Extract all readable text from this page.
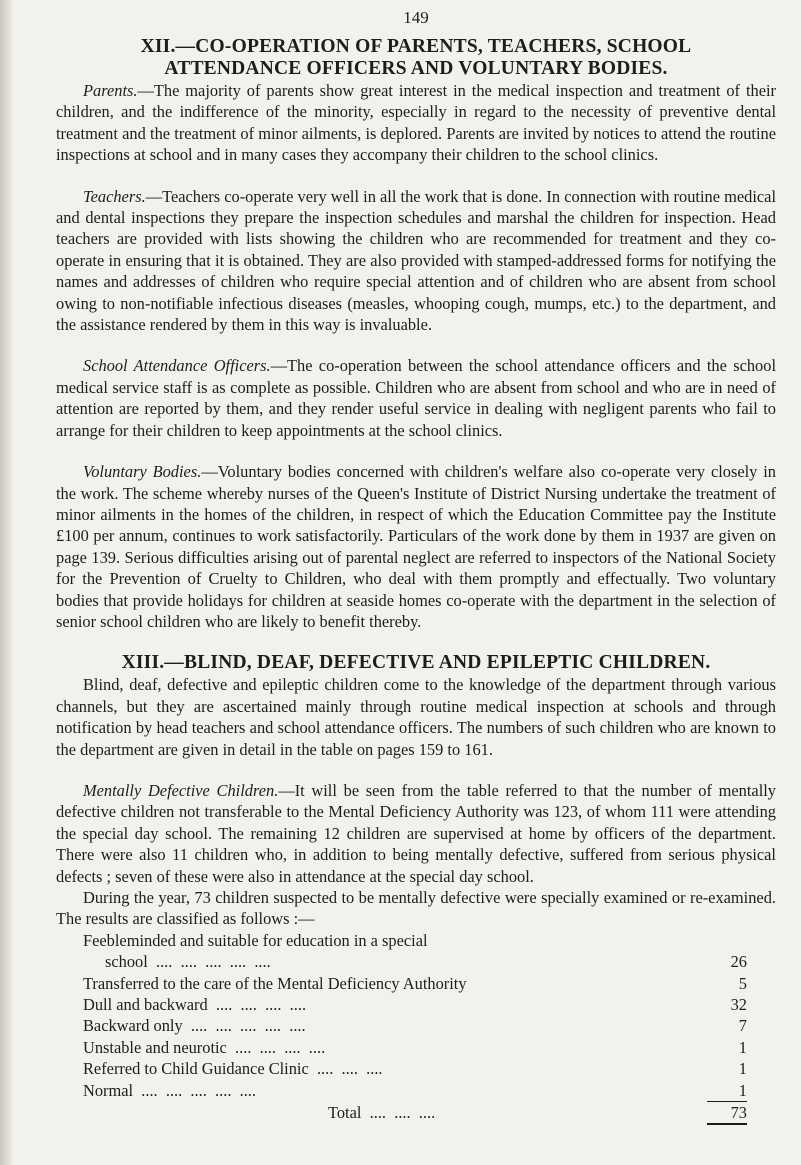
149
XII.—CO-OPERATION OF PARENTS, TEACHERS, SCHOOL
ATTENDANCE OFFICERS AND VOLUNTARY BODIES.

Parents.—The majority of parents show great interest in the medical inspection and treatment of their children, and the indifference of the minority, especially in regard to the necessity of preventive dental treatment and the treatment of minor ailments, is deplored. Parents are invited by notices to attend the routine inspections at school and in many cases they accompany their children to the school clinics.

Teachers.—Teachers co-operate very well in all the work that is done. In connection with routine medical and dental inspections they prepare the inspection schedules and marshal the children for inspection. Head teachers are provided with lists showing the children who are recommended for treatment and they co-operate in ensuring that it is obtained. They are also provided with stamped-addressed forms for notifying the names and addresses of children who require special attention and of children who are absent from school owing to non-notifiable infectious diseases (measles, whooping cough, mumps, etc.) to the department, and the assistance rendered by them in this way is invaluable.

School Attendance Officers.—The co-operation between the school attendance officers and the school medical service staff is as complete as possible. Children who are absent from school and who are in need of attention are reported by them, and they render useful service in dealing with negligent parents who fail to arrange for their children to keep appointments at the school clinics.

Voluntary Bodies.—Voluntary bodies concerned with children's welfare also co-operate very closely in the work. The scheme whereby nurses of the Queen's Institute of District Nursing undertake the treatment of minor ailments in the homes of the children, in respect of which the Education Committee pay the Institute £100 per annum, continues to work satisfactorily. Particulars of the work done by them in 1937 are given on page 139. Serious difficulties arising out of parental neglect are referred to inspectors of the National Society for the Prevention of Cruelty to Children, who deal with them promptly and effectually. Two voluntary bodies that provide holidays for children at seaside homes co-operate with the department in the selection of senior school children who are likely to benefit thereby.

XIII.—BLIND, DEAF, DEFECTIVE AND EPILEPTIC CHILDREN.

Blind, deaf, defective and epileptic children come to the knowledge of the department through various channels, but they are ascertained mainly through routine medical inspection at schools and through notification by head teachers and school attendance officers. The numbers of such children who are known to the department are given in detail in the table on pages 159 to 161.

Mentally Defective Children.—It will be seen from the table referred to that the number of mentally defective children not transferable to the Mental Deficiency Authority was 123, of whom 111 were attending the special day school. The remaining 12 children are supervised at home by officers of the department. There were also 11 children who, in addition to being mentally defective, suffered from serious physical defects ; seven of these were also in attendance at the special day school.

During the year, 73 children suspected to be mentally defective were specially examined or re-examined. The results are classified as follows :—

Feebleminded and suitable for education in a special
school  ....  ....  ....  ....  ....	26
Transferred to the care of the Mental Deficiency Authority	5
Dull and backward  ....  ....  ....  ....	32
Backward only  ....  ....  ....  ....  ....	7
Unstable and neurotic  ....  ....  ....  ....	1
Referred to Child Guidance Clinic  ....  ....  ....	1
Normal  ....  ....  ....  ....  ....	1
Total  ....  ....  ....	73
